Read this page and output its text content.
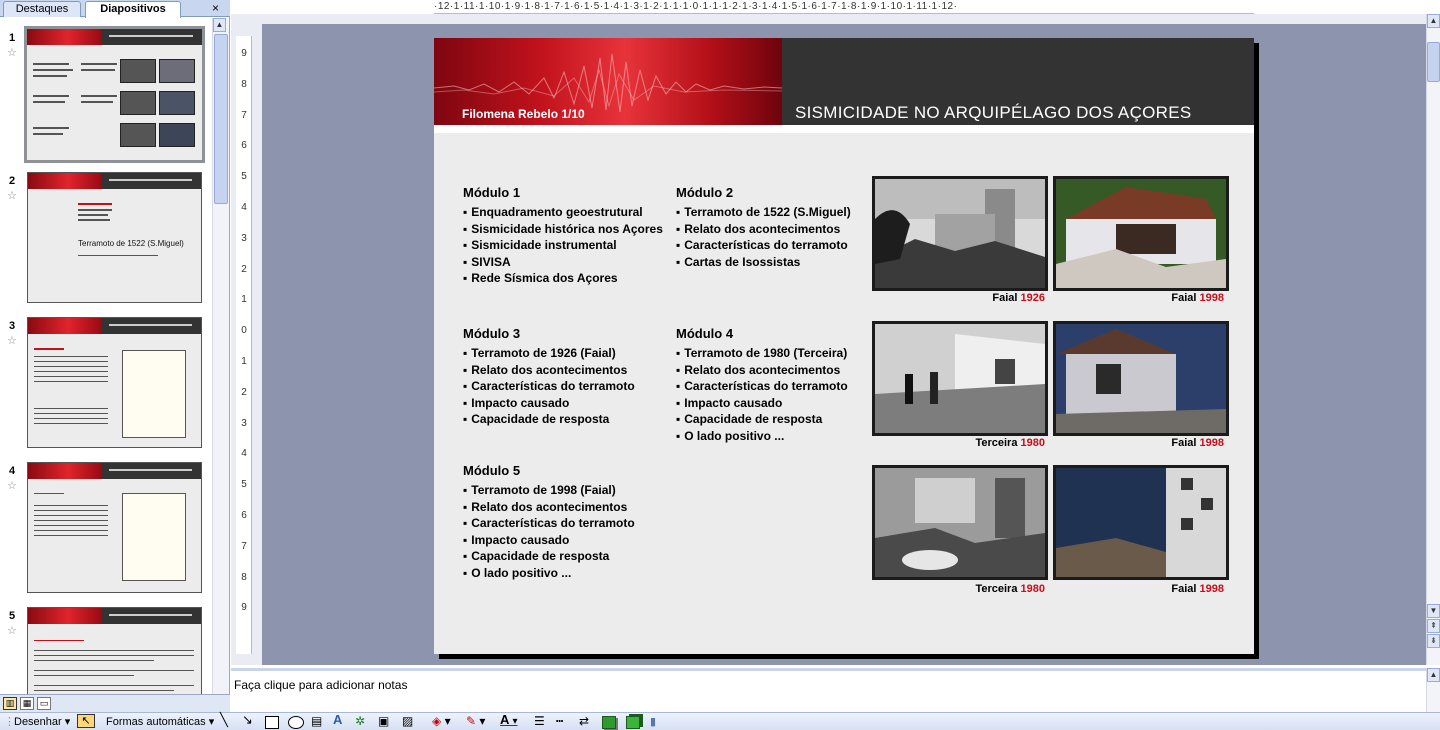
Destaques	Diapositivos	×
1
☆
2
☆
Terramoto de 1522 (S.Miguel)
3
☆
4
☆
5
☆
▲
▥ ▦ ▭
·12·1·11·1·10·1·9·1·8·1·7·1·6·1·5·1·4·1·3·1·2·1·1·1·0·1·1·1·2·1·3·1·4·1·5·1·6·1·7·1·8·1·9·1·10·1·11·1·12·
9
8
7
6
5
4
3
2
1
0
1
2
3
4
5
6
7
8
9
Filomena Rebelo 1/10	SISMICIDADE NO ARQUIPÉLAGO DOS AÇORES
Módulo 1
▪ Enquadramento geoestrutural
▪ Sismicidade histórica nos Açores
▪ Sismicidade instrumental
▪ SIVISA
▪ Rede Sísmica dos Açores
Módulo 2
▪ Terramoto de 1522 (S.Miguel)
▪ Relato dos acontecimentos
▪ Características do terramoto
▪ Cartas de Isossistas
Módulo 3
▪ Terramoto de 1926 (Faial)
▪ Relato dos acontecimentos
▪ Características do terramoto
▪ Impacto causado
▪ Capacidade de resposta
Módulo 4
▪ Terramoto de 1980 (Terceira)
▪ Relato dos acontecimentos
▪ Características do terramoto
▪ Impacto causado
▪ Capacidade de resposta
▪ O lado positivo ...
Módulo 5
▪ Terramoto de 1998 (Faial)
▪ Relato dos acontecimentos
▪ Características do terramoto
▪ Impacto causado
▪ Capacidade de resposta
▪ O lado positivo ...
Faial 1926	Faial 1998
Terceira 1980	Faial 1998
Terceira 1980	Faial 1998
▲
▼
⇞
⇟
Faça clique para adicionar notas
▲
⋮ Desenhar ▾	↖	Formas automáticas ▾ ╲ ↘	▤ A ✲ ▣ ▨ ◈ ▾ ✎ ▾ A ▾ ☰ ┅ ⇄	▮
